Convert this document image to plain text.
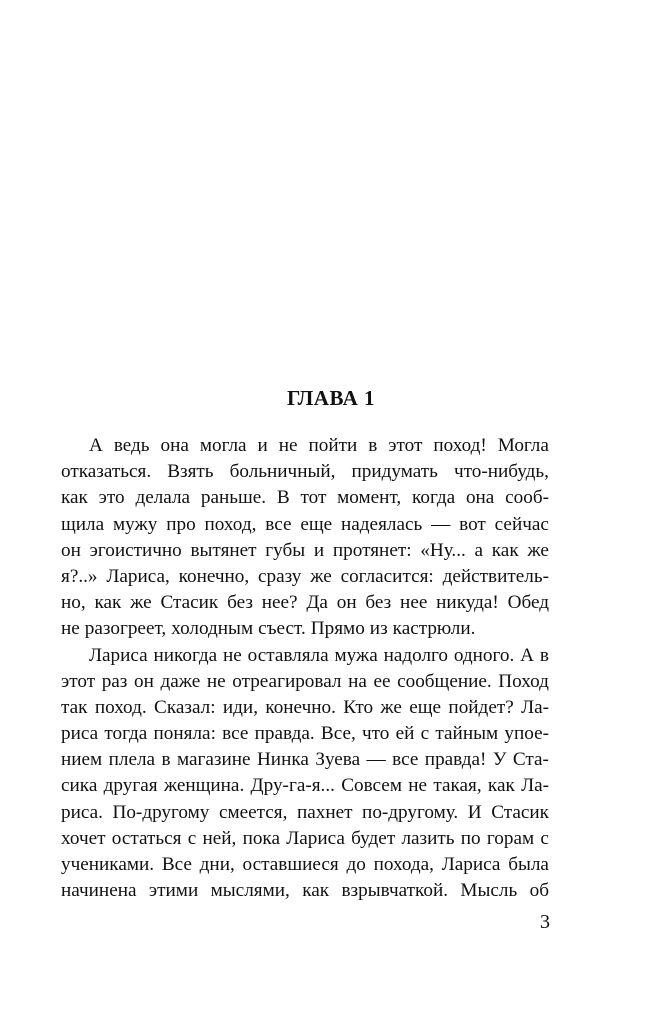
ГЛАВА 1
А ведь она могла и не пойти в этот поход! Могла
отказаться. Взять больничный, придумать что-нибудь,
как это делала раньше. В тот момент, когда она сооб-
щила мужу про поход, все еще надеялась — вот сейчас
он эгоистично вытянет губы и протянет: «Ну... а как же
я?..» Лариса, конечно, сразу же согласится: действитель-
но, как же Стасик без нее? Да он без нее никуда! Обед
не разогреет, холодным съест. Прямо из кастрюли.
Лариса никогда не оставляла мужа надолго одного. А в
этот раз он даже не отреагировал на ее сообщение. Поход
так поход. Сказал: иди, конечно. Кто же еще пойдет? Ла-
риса тогда поняла: все правда. Все, что ей с тайным упое-
нием плела в магазине Нинка Зуева — все правда! У Ста-
сика другая женщина. Дру-га-я... Совсем не такая, как Ла-
риса. По-другому смеется, пахнет по-другому. И Стасик
хочет остаться с ней, пока Лариса будет лазить по горам с
учениками. Все дни, оставшиеся до похода, Лариса была
начинена этими мыслями, как взрывчаткой. Мысль об
3
